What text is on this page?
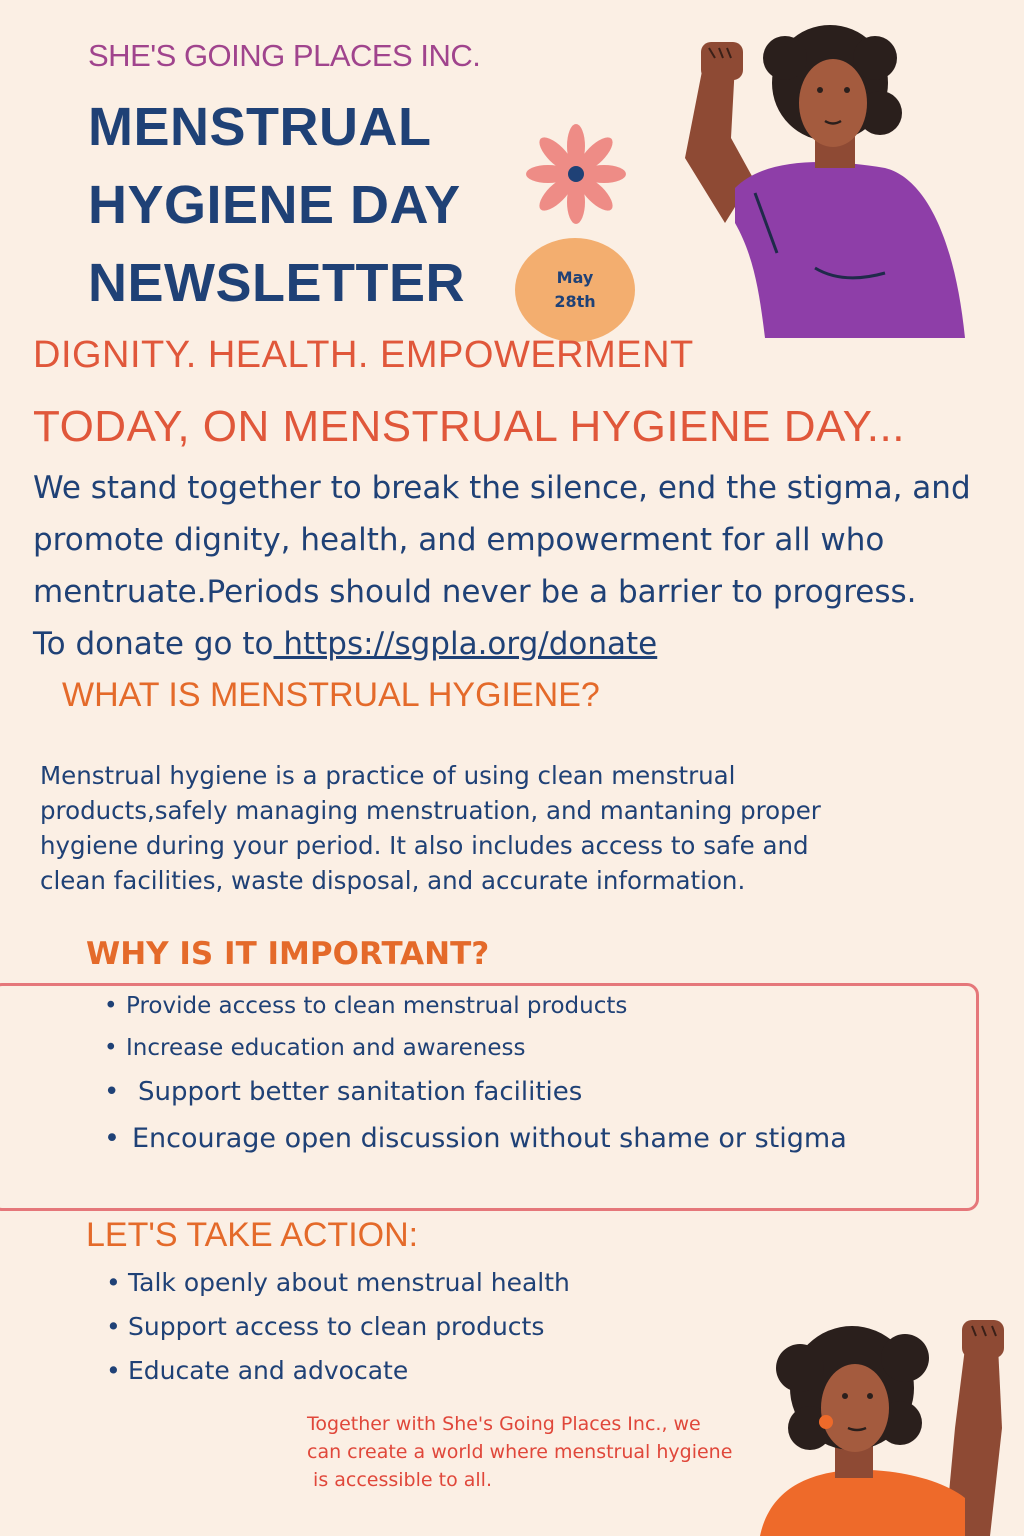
SHE'S GOING PLACES INC.
MENSTRUAL
HYGIENE DAY
NEWSLETTER	May
28th
DIGNITY. HEALTH. EMPOWERMENT
TODAY, ON MENSTRUAL HYGIENE DAY...
We stand together to break the silence, end the stigma, and
promote dignity, health, and empowerment for all who
mentruate.Periods should never be a barrier to progress.
To donate go to https://sgpla.org/donate
WHAT IS MENSTRUAL HYGIENE?
Menstrual hygiene is a practice of using clean menstrual
products,safely managing menstruation, and mantaning proper
hygiene during your period. It also includes access to safe and
clean facilities, waste disposal, and accurate information.
WHY IS IT IMPORTANT?
• Provide access to clean menstrual products
• Increase education and awareness
• Support better sanitation facilities
• Encourage open discussion without shame or stigma
LET'S TAKE ACTION:
• Talk openly about menstrual health
• Support access to clean products
• Educate and advocate
Together with She's Going Places Inc., we
can create a world where menstrual hygiene
is accessible to all.
